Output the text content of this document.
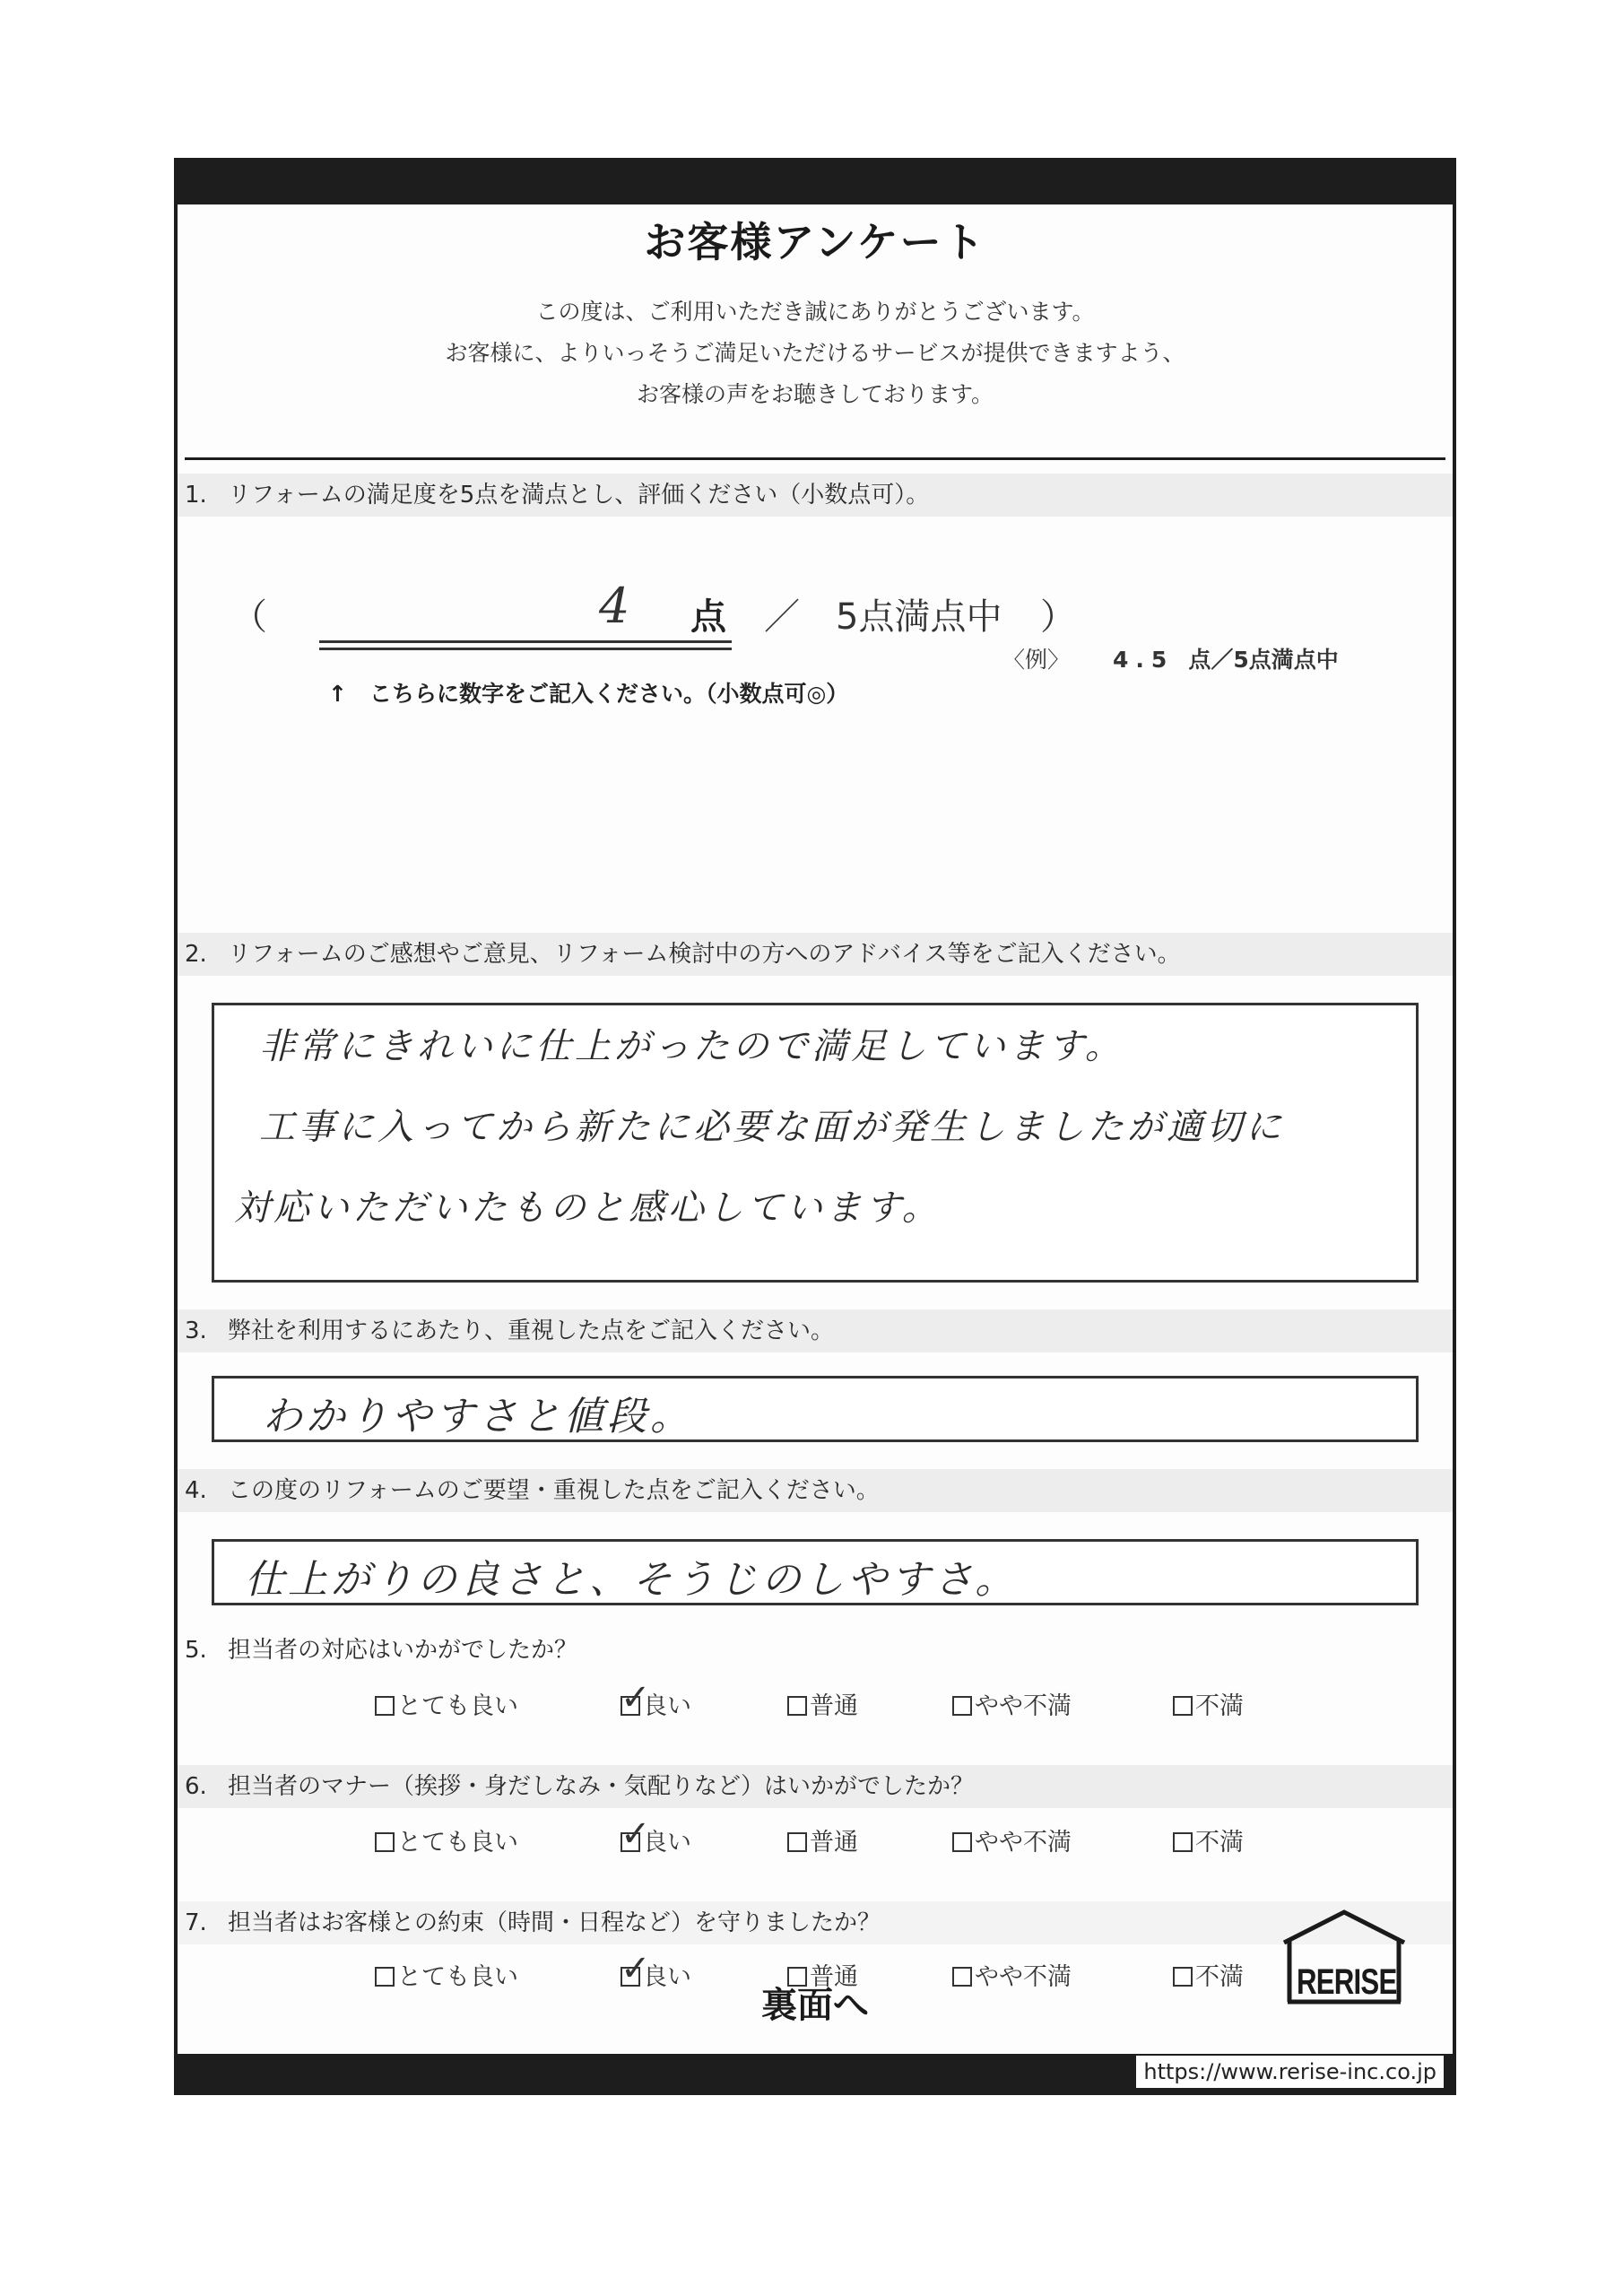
お客様アンケート
この度は、ご利用いただき誠にありがとうございます。
お客様に、よりいっそうご満足いただけるサービスが提供できますよう、
お客様の声をお聴きしております。
1. リフォームの満足度を5点を満点とし、評価ください（小数点可）。
（	4 点 ／ 5点満点中 ）
〈例〉 4.5 点／5点満点中
↑　こちらに数字をご記入ください。（小数点可◎）
2. リフォームのご感想やご意見、リフォーム検討中の方へのアドバイス等をご記入ください。
非常にきれいに仕上がったので満足しています。
工事に入ってから新たに必要な面が発生しましたが適切に
対応いただいたものと感心しています。
3. 弊社を利用するにあたり、重視した点をご記入ください。
わかりやすさと値段。
4. この度のリフォームのご要望・重視した点をご記入ください。
仕上がりの良さと、そうじのしやすさ。
5. 担当者の対応はいかがでしたか？
とても良い	✓
良い	普通	やや不満	不満
6. 担当者のマナー（挨拶・身だしなみ・気配りなど）はいかがでしたか？
とても良い	✓
良い	普通	やや不満	不満
7. 担当者はお客様との約束（時間・日程など）を守りましたか？
とても良い	✓
良い	普通	やや不満	不満
裏面へ
RERISE
https://www.rerise-inc.co.jp
